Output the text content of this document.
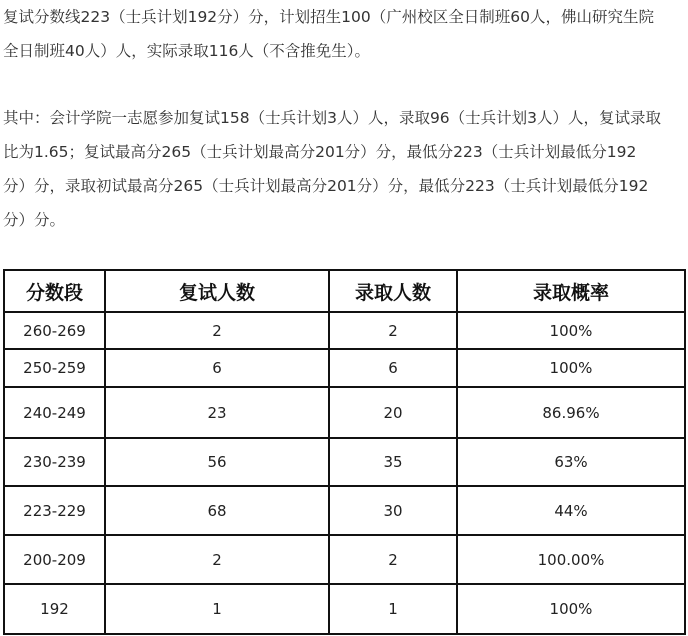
复试分数线223（士兵计划192分）分，计划招生100（广州校区全日制班60人，佛山研究生院
全日制班40人）人，实际录取116人（不含推免生）。
其中：会计学院一志愿参加复试158（士兵计划3人）人，录取96（士兵计划3人）人，复试录取
比为1.65；复试最高分265（士兵计划最高分201分）分，最低分223（士兵计划最低分192
分）分，录取初试最高分265（士兵计划最高分201分）分，最低分223（士兵计划最低分192
分）分。
分数段	复试人数	录取人数	录取概率
260-269	2	2	100%
250-259	6	6	100%
240-249	23	20	86.96%
230-239	56	35	63%
223-229	68	30	44%
200-209	2	2	100.00%
192	1	1	100%
